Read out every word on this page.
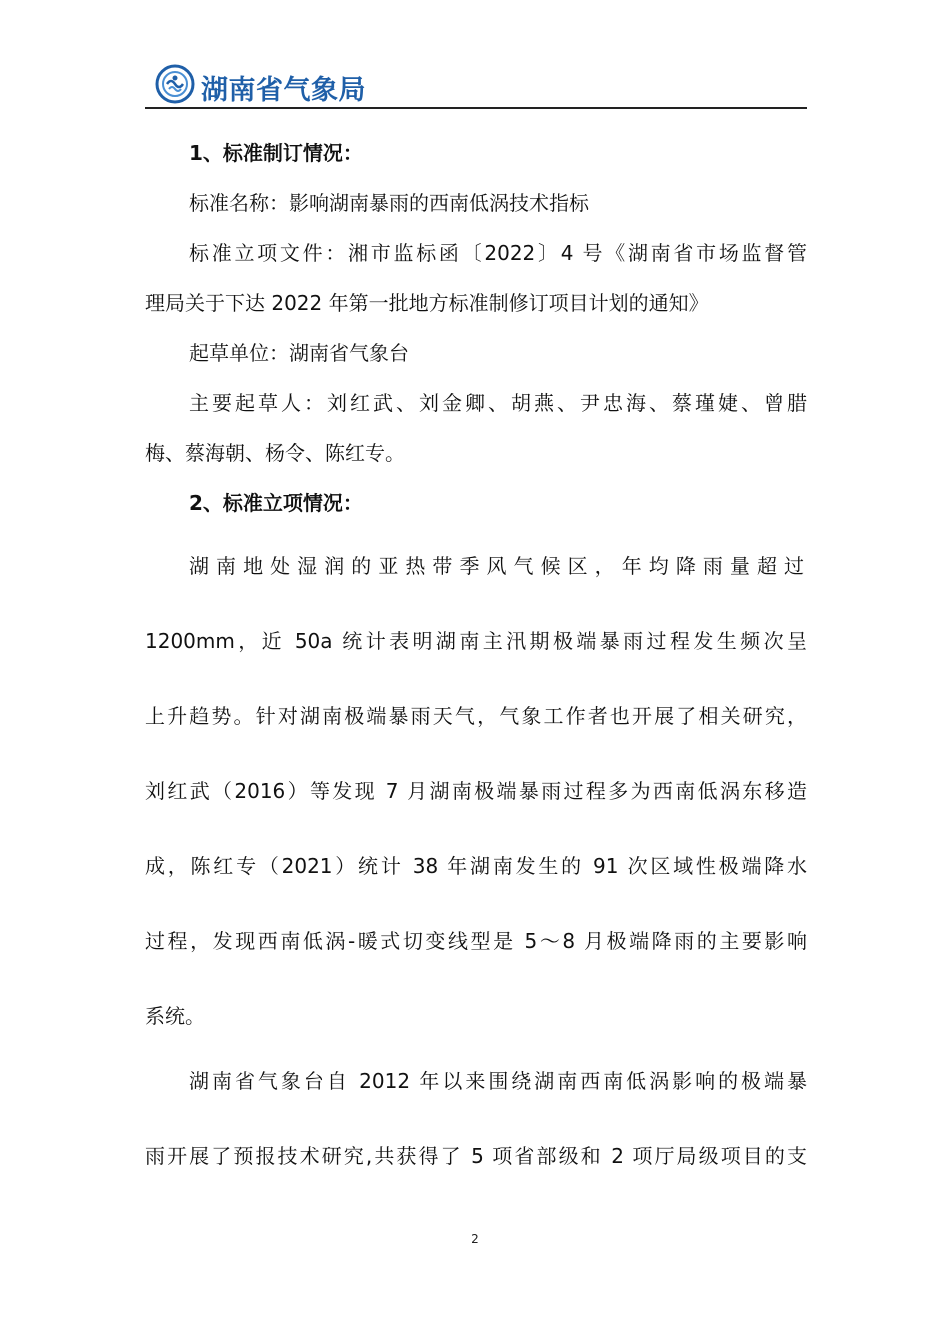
湖南省气象局
1、标准制订情况：
标准名称：影响湖南暴雨的西南低涡技术指标
标准立项文件：湘市监标函〔2022〕4 号《湖南省市场监督管
理局关于下达 2022 年第一批地方标准制修订项目计划的通知》
起草单位：湖南省气象台
主要起草人：刘红武、刘金卿、胡燕、尹忠海、蔡瑾婕、曾腊
梅、蔡海朝、杨令、陈红专。
2、标准立项情况：
湖南地处湿润的亚热带季风气候区，年均降雨量超过
1200mm，近 50a 统计表明湖南主汛期极端暴雨过程发生频次呈
上升趋势。针对湖南极端暴雨天气，气象工作者也开展了相关研究，
刘红武（2016）等发现 7 月湖南极端暴雨过程多为西南低涡东移造
成，陈红专（2021）统计 38 年湖南发生的 91 次区域性极端降水
过程，发现西南低涡-暖式切变线型是 5～8 月极端降雨的主要影响
系统。
湖南省气象台自 2012 年以来围绕湖南西南低涡影响的极端暴
雨开展了预报技术研究,共获得了 5 项省部级和 2 项厅局级项目的支
2
